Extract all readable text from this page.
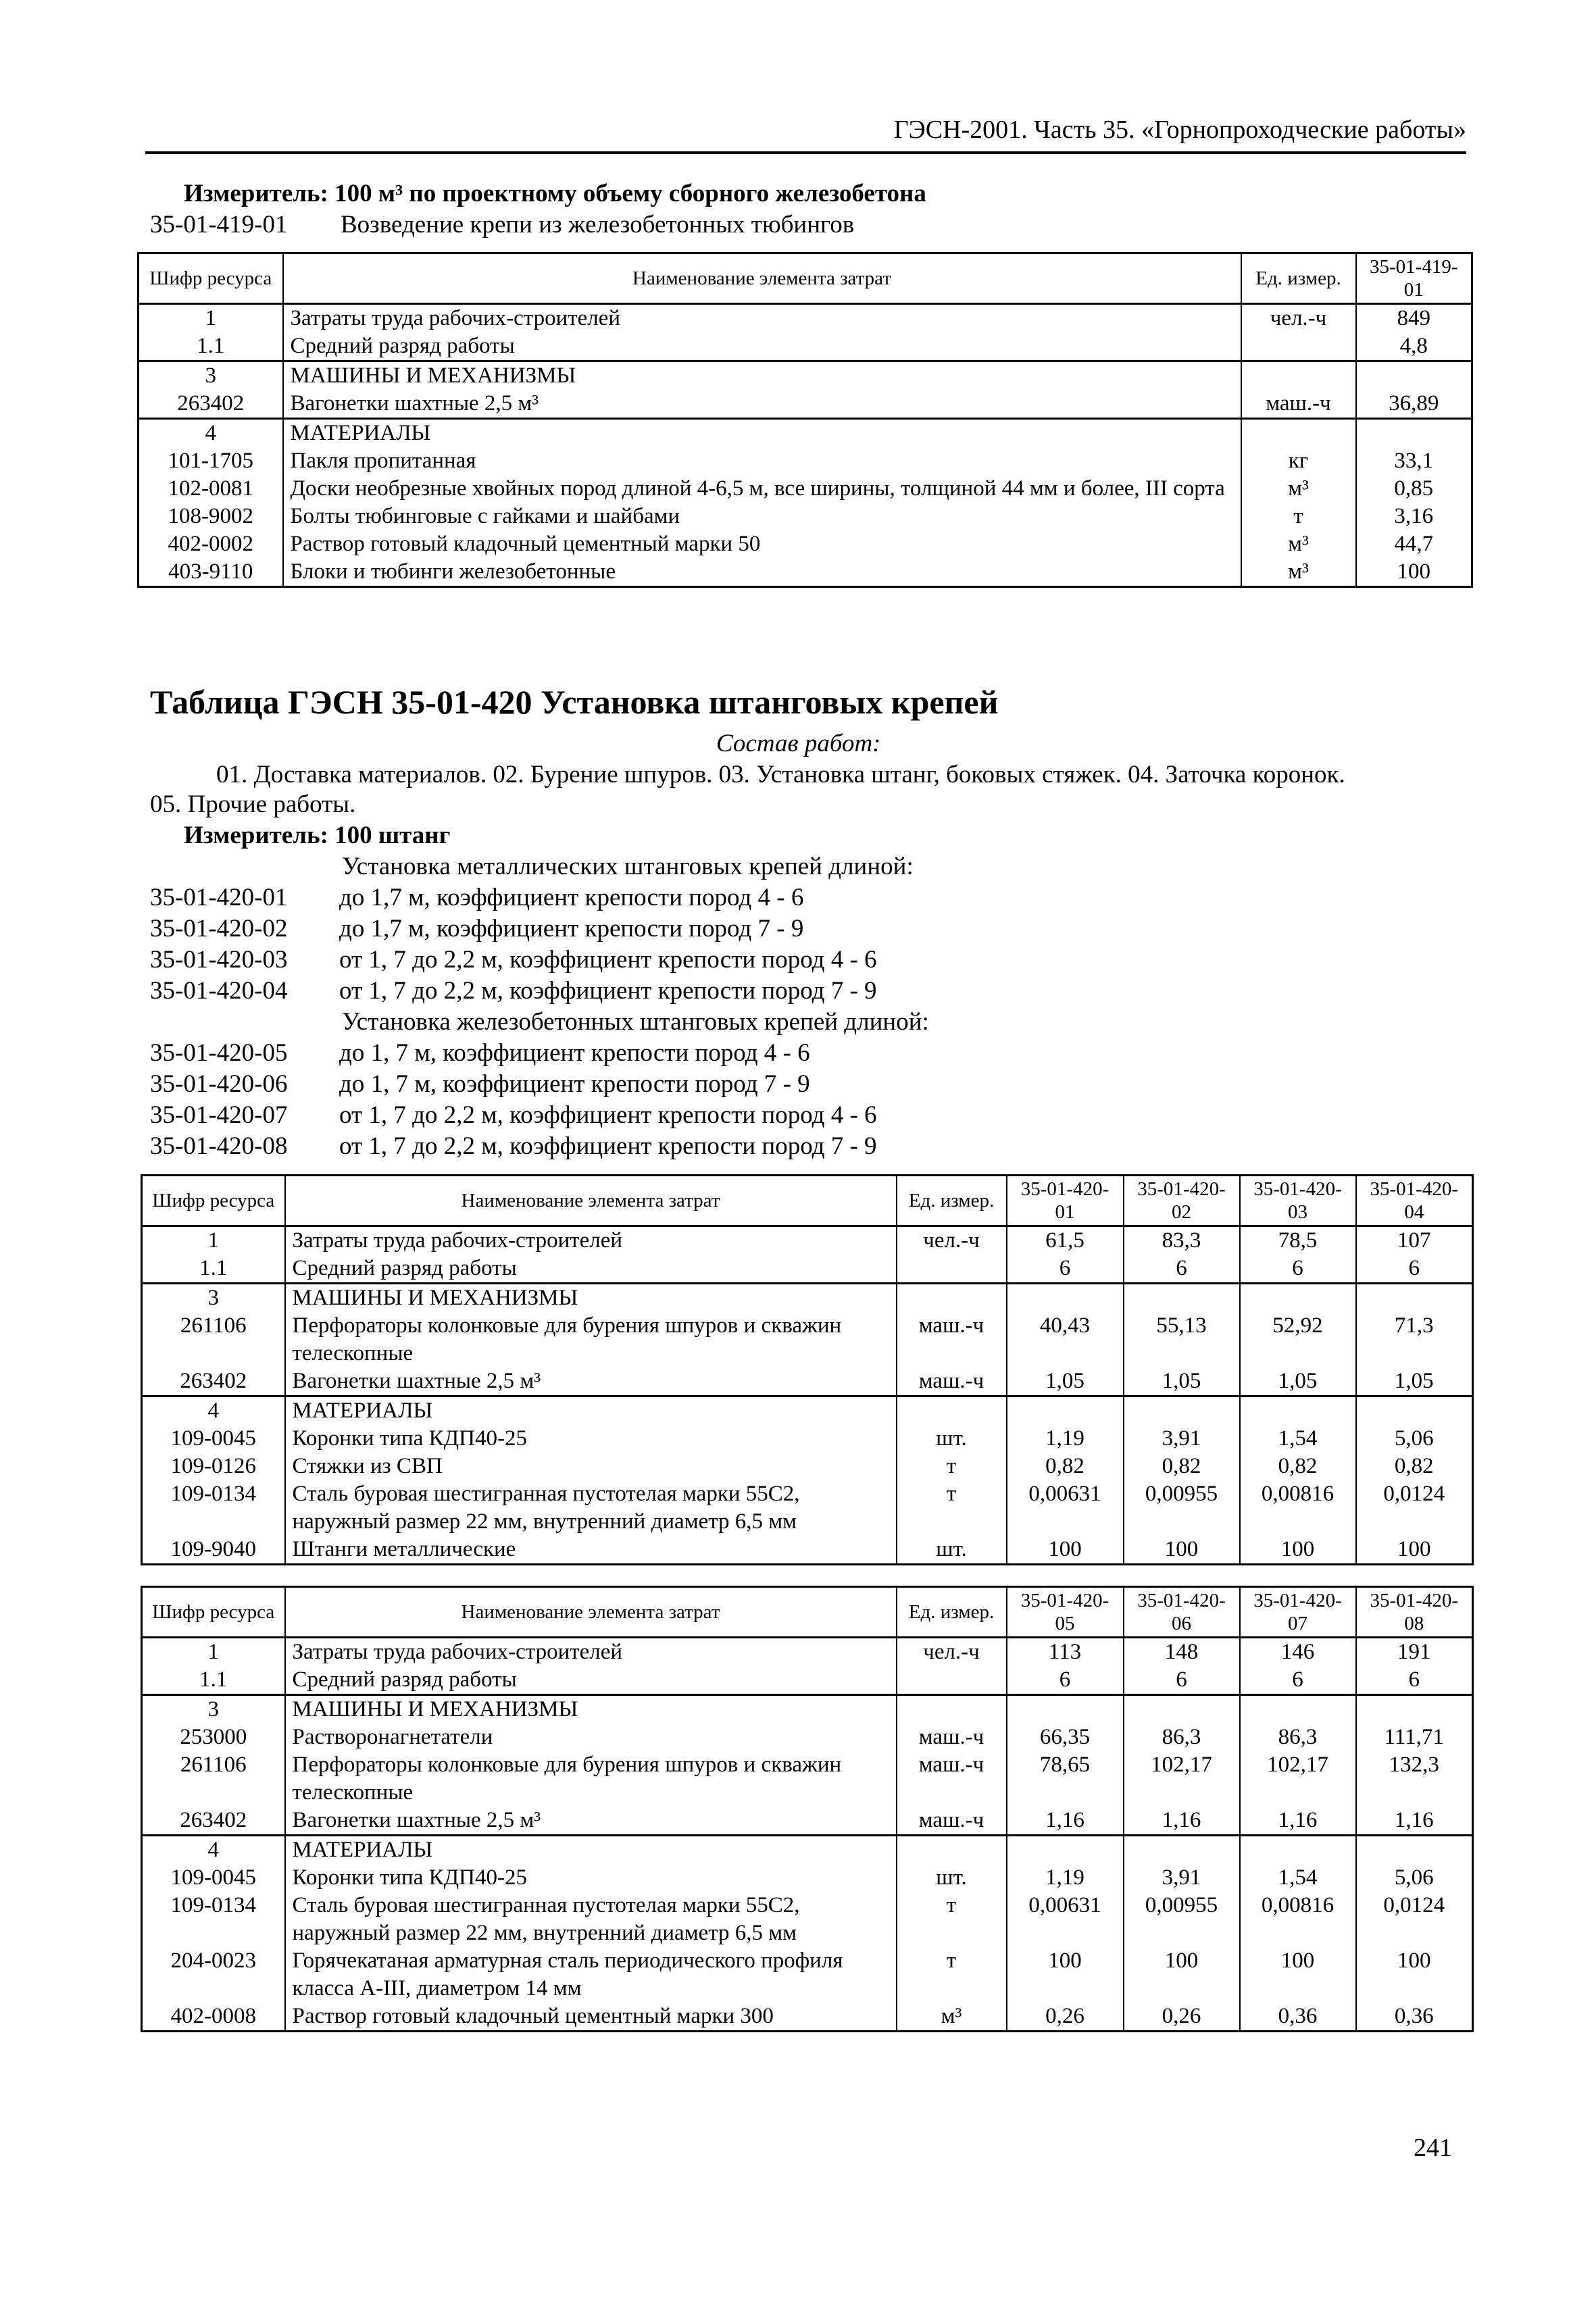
ГЭСН-2001. Часть 35. «Горнопроходческие работы»
Измеритель: 100 м³ по проектному объему сборного железобетона
35-01-419-01 Возведение крепи из железобетонных тюбингов
Шифр ресурса	Наименование элемента затрат	Ед. измер.	35-01-419-01
1	Затраты труда рабочих-строителей	чел.-ч	849
1.1	Средний разряд работы		4,8
3	МАШИНЫ И МЕХАНИЗМЫ		
263402	Вагонетки шахтные 2,5 м³	маш.-ч	36,89
4	МАТЕРИАЛЫ		
101-1705	Пакля пропитанная	кг	33,1
102-0081	Доски необрезные хвойных пород длиной 4-6,5 м, все ширины, толщиной 44 мм и более, III сорта	м³	0,85
108-9002	Болты тюбинговые с гайками и шайбами	т	3,16
402-0002	Раствор готовый кладочный цементный марки 50	м³	44,7
403-9110	Блоки и тюбинги железобетонные	м³	100
Таблица ГЭСН 35-01-420 Установка штанговых крепей
Состав работ:
01. Доставка материалов. 02. Бурение шпуров. 03. Установка штанг, боковых стяжек. 04. Заточка коронок.
05. Прочие работы.
Измеритель: 100 штанг
Установка металлических штанговых крепей длиной:
35-01-420-01 до 1,7 м, коэффициент крепости пород 4 - 6
35-01-420-02 до 1,7 м, коэффициент крепости пород 7 - 9
35-01-420-03 от 1, 7 до 2,2 м, коэффициент крепости пород 4 - 6
35-01-420-04 от 1, 7 до 2,2 м, коэффициент крепости пород 7 - 9
Установка железобетонных штанговых крепей длиной:
35-01-420-05 до 1, 7 м, коэффициент крепости пород 4 - 6
35-01-420-06 до 1, 7 м, коэффициент крепости пород 7 - 9
35-01-420-07 от 1, 7 до 2,2 м, коэффициент крепости пород 4 - 6
35-01-420-08 от 1, 7 до 2,2 м, коэффициент крепости пород 7 - 9
Шифр ресурса	Наименование элемента затрат	Ед. измер.	35-01-420-01	35-01-420-02	35-01-420-03	35-01-420-04
1	Затраты труда рабочих-строителей	чел.-ч	61,5	83,3	78,5	107
1.1	Средний разряд работы		6	6	6	6
3	МАШИНЫ И МЕХАНИЗМЫ					
261106	Перфораторы колонковые для бурения шпуров и скважин телескопные	маш.-ч	40,43	55,13	52,92	71,3
263402	Вагонетки шахтные 2,5 м³	маш.-ч	1,05	1,05	1,05	1,05
4	МАТЕРИАЛЫ					
109-0045	Коронки типа КДП40-25	шт.	1,19	3,91	1,54	5,06
109-0126	Стяжки из СВП	т	0,82	0,82	0,82	0,82
109-0134	Сталь буровая шестигранная пустотелая марки 55С2, наружный размер 22 мм, внутренний диаметр 6,5 мм	т	0,00631	0,00955	0,00816	0,0124
109-9040	Штанги металлические	шт.	100	100	100	100
Шифр ресурса	Наименование элемента затрат	Ед. измер.	35-01-420-05	35-01-420-06	35-01-420-07	35-01-420-08
1	Затраты труда рабочих-строителей	чел.-ч	113	148	146	191
1.1	Средний разряд работы		6	6	6	6
3	МАШИНЫ И МЕХАНИЗМЫ					
253000	Растворонагнетатели	маш.-ч	66,35	86,3	86,3	111,71
261106	Перфораторы колонковые для бурения шпуров и скважин телескопные	маш.-ч	78,65	102,17	102,17	132,3
263402	Вагонетки шахтные 2,5 м³	маш.-ч	1,16	1,16	1,16	1,16
4	МАТЕРИАЛЫ					
109-0045	Коронки типа КДП40-25	шт.	1,19	3,91	1,54	5,06
109-0134	Сталь буровая шестигранная пустотелая марки 55С2, наружный размер 22 мм, внутренний диаметр 6,5 мм	т	0,00631	0,00955	0,00816	0,0124
204-0023	Горячекатаная арматурная сталь периодического профиля класса А-III, диаметром 14 мм	т	100	100	100	100
402-0008	Раствор готовый кладочный цементный марки 300	м³	0,26	0,26	0,36	0,36
241
